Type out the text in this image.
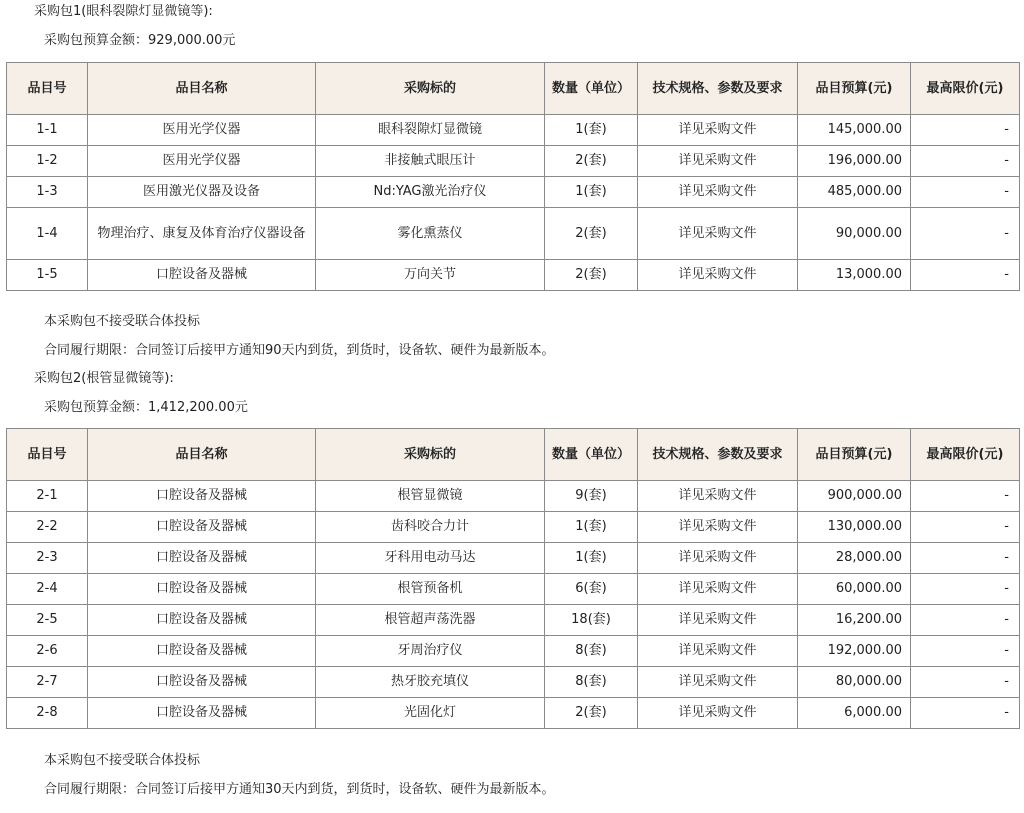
采购包1(眼科裂隙灯显微镜等):
采购包预算金额：929,000.00元
品目号	品目名称	采购标的	数量（单位）	技术规格、参数及要求	品目预算(元)	最高限价(元)
1-1	医用光学仪器	眼科裂隙灯显微镜	1(套)	详见采购文件	145,000.00	-
1-2	医用光学仪器	非接触式眼压计	2(套)	详见采购文件	196,000.00	-
1-3	医用激光仪器及设备	Nd:YAG激光治疗仪	1(套)	详见采购文件	485,000.00	-
1-4	物理治疗、康复及体育治疗仪器设备	雾化熏蒸仪	2(套)	详见采购文件	90,000.00	-
1-5	口腔设备及器械	万向关节	2(套)	详见采购文件	13,000.00	-
本采购包不接受联合体投标
合同履行期限：合同签订后接甲方通知90天内到货，到货时，设备软、硬件为最新版本。
采购包2(根管显微镜等):
采购包预算金额：1,412,200.00元
品目号	品目名称	采购标的	数量（单位）	技术规格、参数及要求	品目预算(元)	最高限价(元)
2-1	口腔设备及器械	根管显微镜	9(套)	详见采购文件	900,000.00	-
2-2	口腔设备及器械	齿科咬合力计	1(套)	详见采购文件	130,000.00	-
2-3	口腔设备及器械	牙科用电动马达	1(套)	详见采购文件	28,000.00	-
2-4	口腔设备及器械	根管预备机	6(套)	详见采购文件	60,000.00	-
2-5	口腔设备及器械	根管超声荡洗器	18(套)	详见采购文件	16,200.00	-
2-6	口腔设备及器械	牙周治疗仪	8(套)	详见采购文件	192,000.00	-
2-7	口腔设备及器械	热牙胶充填仪	8(套)	详见采购文件	80,000.00	-
2-8	口腔设备及器械	光固化灯	2(套)	详见采购文件	6,000.00	-
本采购包不接受联合体投标
合同履行期限：合同签订后接甲方通知30天内到货，到货时，设备软、硬件为最新版本。
